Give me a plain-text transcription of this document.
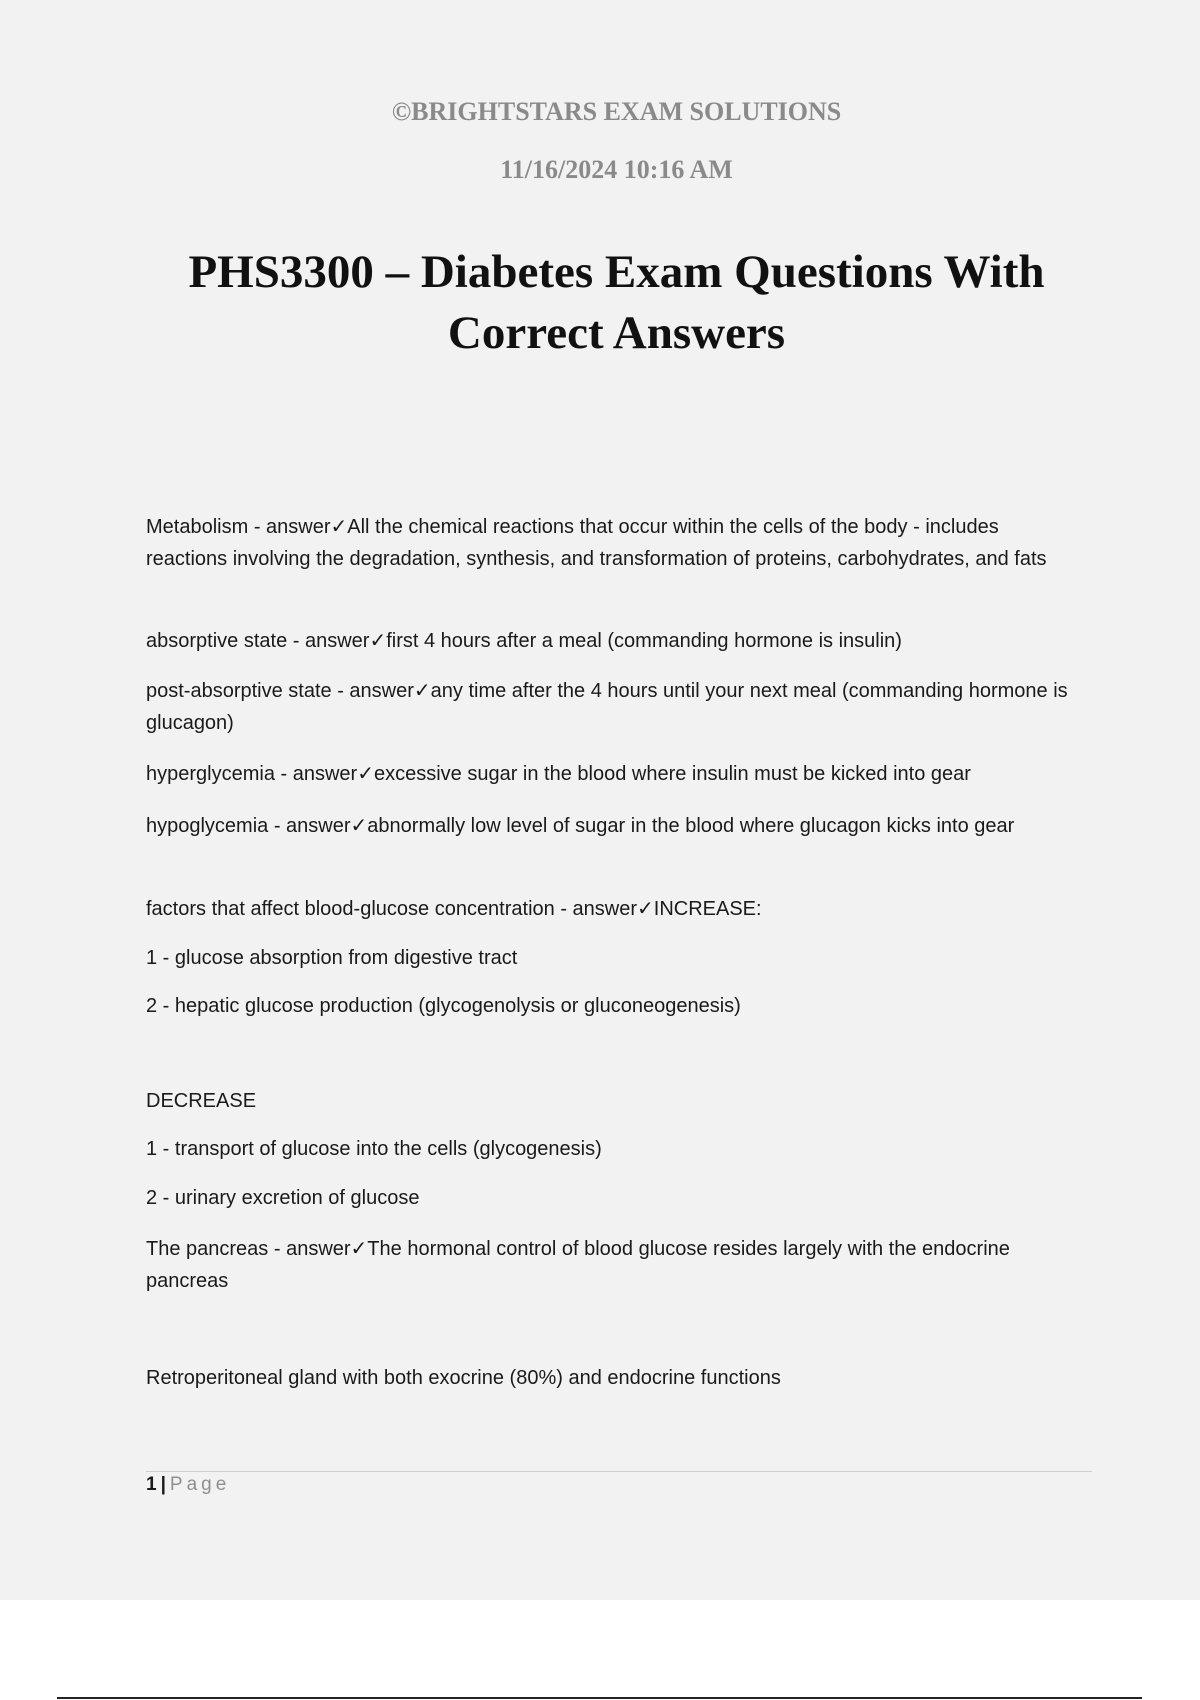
©BRIGHTSTARS EXAM SOLUTIONS
11/16/2024 10:16 AM
PHS3300 – Diabetes Exam Questions With Correct Answers

Metabolism - answer✓All the chemical reactions that occur within the cells of the body - includes reactions involving the degradation, synthesis, and transformation of proteins, carbohydrates, and fats

absorptive state - answer✓first 4 hours after a meal (commanding hormone is insulin)

post-absorptive state - answer✓any time after the 4 hours until your next meal (commanding hormone is glucagon)

hyperglycemia - answer✓excessive sugar in the blood where insulin must be kicked into gear

hypoglycemia - answer✓abnormally low level of sugar in the blood where glucagon kicks into gear

factors that affect blood-glucose concentration - answer✓INCREASE:

1 - glucose absorption from digestive tract

2 - hepatic glucose production (glycogenolysis or gluconeogenesis)

DECREASE

1 - transport of glucose into the cells (glycogenesis)

2 - urinary excretion of glucose

The pancreas - answer✓The hormonal control of blood glucose resides largely with the endocrine pancreas

Retroperitoneal gland with both exocrine (80%) and endocrine functions

1 | Page
